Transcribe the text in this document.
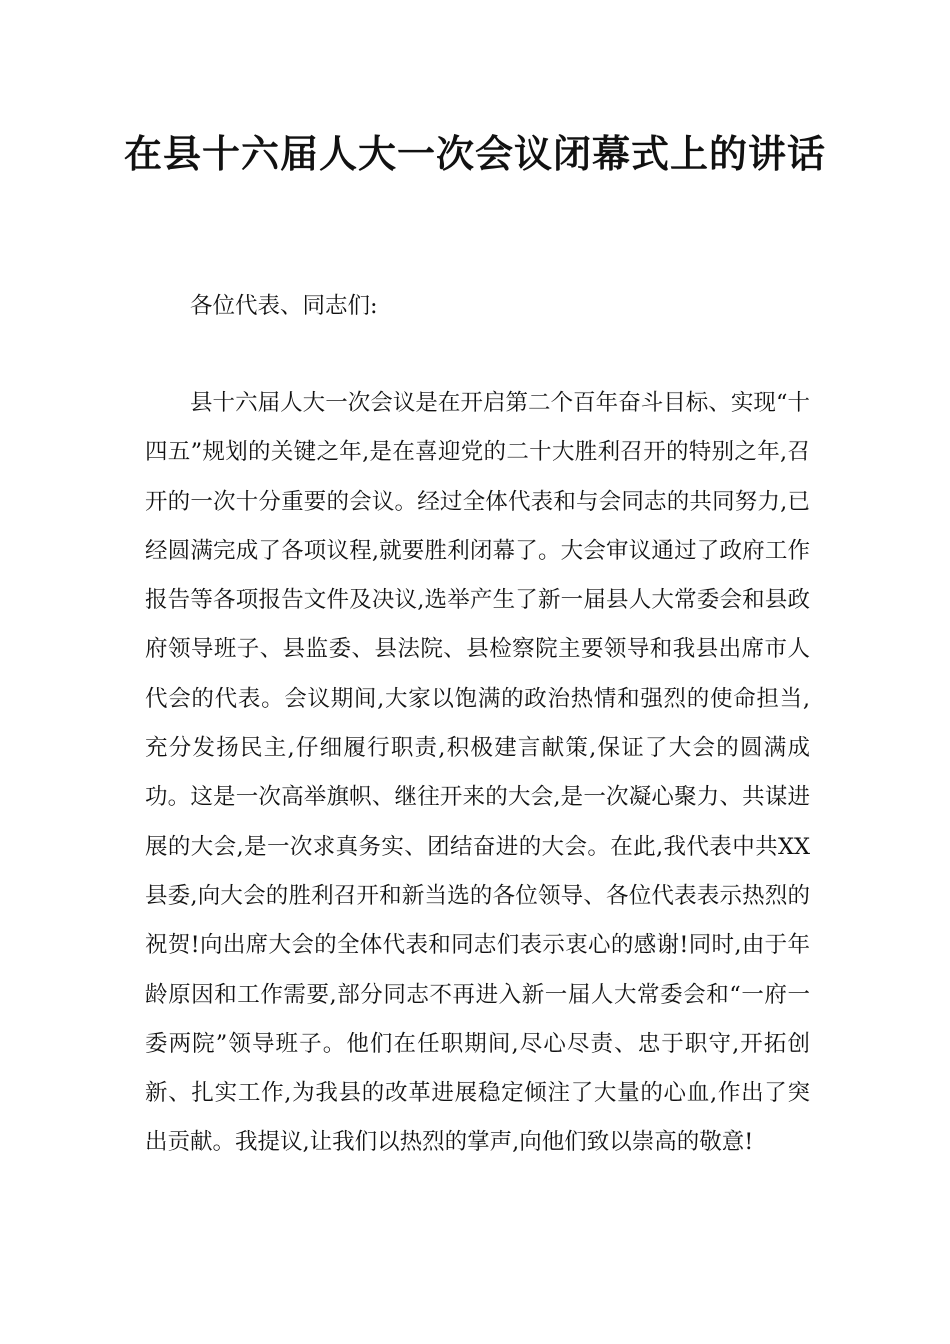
在县十六届人大一次会议闭幕式上的讲话

各位代表、同志们:

县十六届人大一次会议是在开启第二个百年奋斗目标、实现“十四五”规划的关键之年,是在喜迎党的二十大胜利召开的特别之年,召开的一次十分重要的会议。经过全体代表和与会同志的共同努力,已经圆满完成了各项议程,就要胜利闭幕了。大会审议通过了政府工作报告等各项报告文件及决议,选举产生了新一届县人大常委会和县政府领导班子、县监委、县法院、县检察院主要领导和我县出席市人代会的代表。会议期间,大家以饱满的政治热情和强烈的使命担当,充分发扬民主,仔细履行职责,积极建言献策,保证了大会的圆满成功。这是一次高举旗帜、继往开来的大会,是一次凝心聚力、共谋进展的大会,是一次求真务实、团结奋进的大会。在此,我代表中共XX县委,向大会的胜利召开和新当选的各位领导、各位代表表示热烈的祝贺!向出席大会的全体代表和同志们表示衷心的感谢!同时,由于年龄原因和工作需要,部分同志不再进入新一届人大常委会和“一府一委两院”领导班子。他们在任职期间,尽心尽责、忠于职守,开拓创新、扎实工作,为我县的改革进展稳定倾注了大量的心血,作出了突出贡献。我提议,让我们以热烈的掌声,向他们致以崇高的敬意!
